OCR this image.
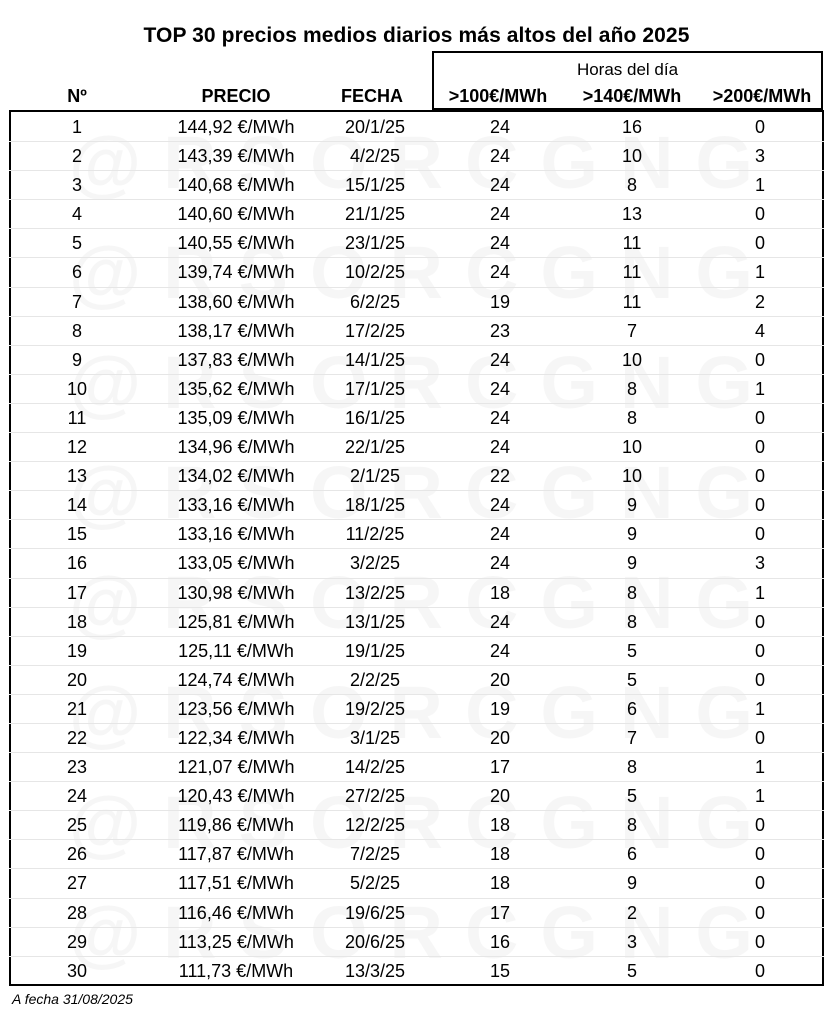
TOP 30 precios medios diarios más altos del año 2025
Horas del día
Nº	PRECIO	FECHA	>100€/MWh	>140€/MWh	>200€/MWh
1	144,92 €/MWh	20/1/25	24	16	0
2	143,39 €/MWh	4/2/25	24	10	3
3	140,68 €/MWh	15/1/25	24	8	1
4	140,60 €/MWh	21/1/25	24	13	0
5	140,55 €/MWh	23/1/25	24	11	0
6	139,74 €/MWh	10/2/25	24	11	1
7	138,60 €/MWh	6/2/25	19	11	2
8	138,17 €/MWh	17/2/25	23	7	4
9	137,83 €/MWh	14/1/25	24	10	0
10	135,62 €/MWh	17/1/25	24	8	1
11	135,09 €/MWh	16/1/25	24	8	0
12	134,96 €/MWh	22/1/25	24	10	0
13	134,02 €/MWh	2/1/25	22	10	0
14	133,16 €/MWh	18/1/25	24	9	0
15	133,16 €/MWh	11/2/25	24	9	0
16	133,05 €/MWh	3/2/25	24	9	3
17	130,98 €/MWh	13/2/25	18	8	1
18	125,81 €/MWh	13/1/25	24	8	0
19	125,11 €/MWh	19/1/25	24	5	0
20	124,74 €/MWh	2/2/25	20	5	0
21	123,56 €/MWh	19/2/25	19	6	1
22	122,34 €/MWh	3/1/25	20	7	0
23	121,07 €/MWh	14/2/25	17	8	1
24	120,43 €/MWh	27/2/25	20	5	1
25	119,86 €/MWh	12/2/25	18	8	0
26	117,87 €/MWh	7/2/25	18	6	0
27	117,51 €/MWh	5/2/25	18	9	0
28	116,46 €/MWh	19/6/25	17	2	0
29	113,25 €/MWh	20/6/25	16	3	0
30	111,73 €/MWh	13/3/25	15	5	0
A fecha 31/08/2025
